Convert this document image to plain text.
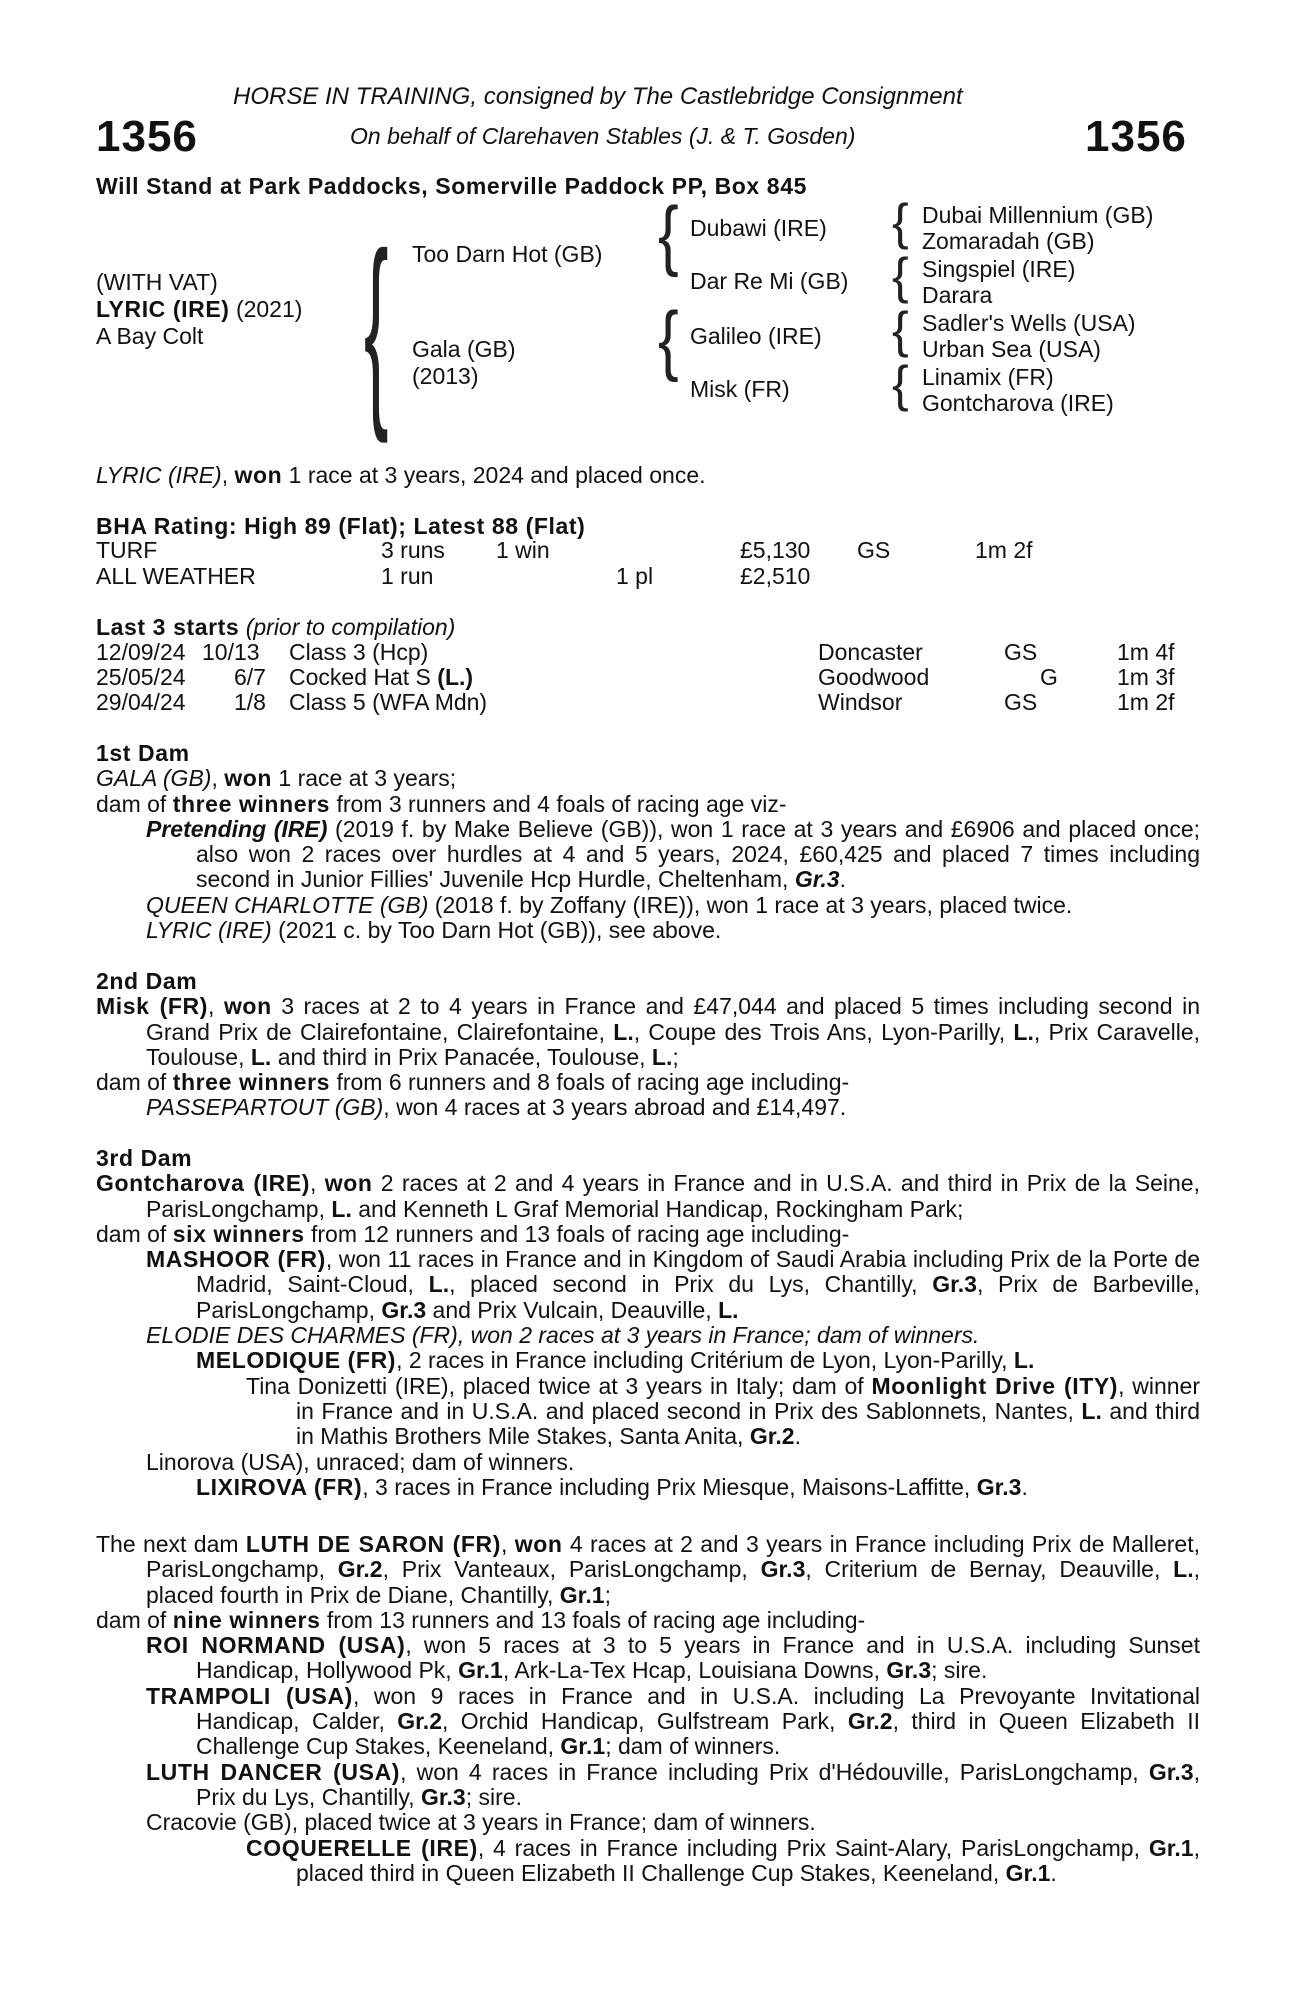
HORSE IN TRAINING, consigned by The Castlebridge Consignment
1356	On behalf of Clarehaven Stables (J. & T. Gosden)	1356
Will Stand at Park Paddocks, Somerville Paddock PP, Box 845
(WITH VAT)
LYRIC (IRE) (2021)
A Bay Colt { Too Darn Hot (GB)
Gala (GB)
(2013)
{
{
Dubawi (IRE)
Dar Re Mi (GB)
Galileo (IRE)
Misk (FR)
{
{
{
{
Dubai Millennium (GB)
Zomaradah (GB)
Singspiel (IRE)
Darara
Sadler's Wells (USA)
Urban Sea (USA)
Linamix (FR)
Gontcharova (IRE)
LYRIC (IRE), won 1 race at 3 years, 2024 and placed once.
BHA Rating: High 89 (Flat); Latest 88 (Flat)
TURF	3 runs 1 win	£5,130 GS	1m 2f
ALL WEATHER	1 run	1 pl	£2,510
Last 3 starts (prior to compilation)
12/09/24 10/13 Class 3 (Hcp)	Doncaster	GS	1m 4f
25/05/24 6/7 Cocked Hat S (L.)	Goodwood	G	1m 3f
29/04/24 1/8 Class 5 (WFA Mdn)	Windsor	GS	1m 2f

1st Dam

GALA (GB), won 1 race at 3 years;

dam of three winners from 3 runners and 4 foals of racing age viz-

Pretending (IRE) (2019 f. by Make Believe (GB)), won 1 race at 3 years and £6906 and placed once; also won 2 races over hurdles at 4 and 5 years, 2024, £60,425 and placed 7 times including second in Junior Fillies' Juvenile Hcp Hurdle, Cheltenham, Gr.3.

QUEEN CHARLOTTE (GB) (2018 f. by Zoffany (IRE)), won 1 race at 3 years, placed twice.

LYRIC (IRE) (2021 c. by Too Darn Hot (GB)), see above.

2nd Dam

Misk (FR), won 3 races at 2 to 4 years in France and £47,044 and placed 5 times including second in Grand Prix de Clairefontaine, Clairefontaine, L., Coupe des Trois Ans, Lyon-Parilly, L., Prix Caravelle, Toulouse, L. and third in Prix Panacée, Toulouse, L.;

dam of three winners from 6 runners and 8 foals of racing age including-

PASSEPARTOUT (GB), won 4 races at 3 years abroad and £14,497.

3rd Dam

Gontcharova (IRE), won 2 races at 2 and 4 years in France and in U.S.A. and third in Prix de la Seine, ParisLongchamp, L. and Kenneth L Graf Memorial Handicap, Rockingham Park;

dam of six winners from 12 runners and 13 foals of racing age including-

MASHOOR (FR), won 11 races in France and in Kingdom of Saudi Arabia including Prix de la Porte de Madrid, Saint-Cloud, L., placed second in Prix du Lys, Chantilly, Gr.3, Prix de Barbeville, ParisLongchamp, Gr.3 and Prix Vulcain, Deauville, L.

ELODIE DES CHARMES (FR), won 2 races at 3 years in France; dam of winners.

MELODIQUE (FR), 2 races in France including Critérium de Lyon, Lyon-Parilly, L.

Tina Donizetti (IRE), placed twice at 3 years in Italy; dam of Moonlight Drive (ITY), winner in France and in U.S.A. and placed second in Prix des Sablonnets, Nantes, L. and third in Mathis Brothers Mile Stakes, Santa Anita, Gr.2.

Linorova (USA), unraced; dam of winners.

LIXIROVA (FR), 3 races in France including Prix Miesque, Maisons-Laffitte, Gr.3.

The next dam LUTH DE SARON (FR), won 4 races at 2 and 3 years in France including Prix de Malleret, ParisLongchamp, Gr.2, Prix Vanteaux, ParisLongchamp, Gr.3, Criterium de Bernay, Deauville, L., placed fourth in Prix de Diane, Chantilly, Gr.1;

dam of nine winners from 13 runners and 13 foals of racing age including-

ROI NORMAND (USA), won 5 races at 3 to 5 years in France and in U.S.A. including Sunset Handicap, Hollywood Pk, Gr.1, Ark-La-Tex Hcap, Louisiana Downs, Gr.3; sire.

TRAMPOLI (USA), won 9 races in France and in U.S.A. including La Prevoyante Invitational Handicap, Calder, Gr.2, Orchid Handicap, Gulfstream Park, Gr.2, third in Queen Elizabeth II Challenge Cup Stakes, Keeneland, Gr.1; dam of winners.

LUTH DANCER (USA), won 4 races in France including Prix d'Hédouville, ParisLongchamp, Gr.3, Prix du Lys, Chantilly, Gr.3; sire.

Cracovie (GB), placed twice at 3 years in France; dam of winners.

COQUERELLE (IRE), 4 races in France including Prix Saint-Alary, ParisLongchamp, Gr.1, placed third in Queen Elizabeth II Challenge Cup Stakes, Keeneland, Gr.1.
